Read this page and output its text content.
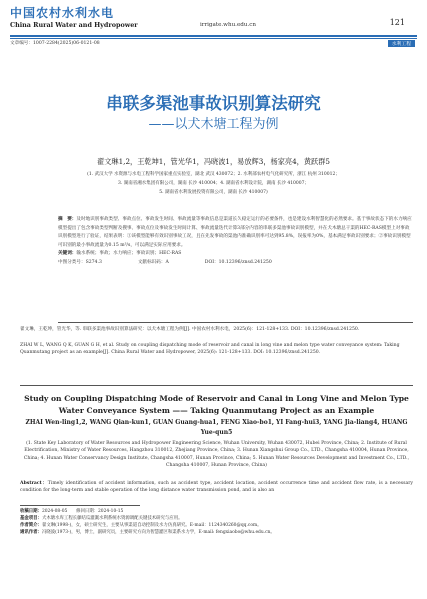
中国农村水利水电
China Rural Water and Hydropower	irrigate.whu.edu.cn	121
文章编号：1007-2284(2025)06-0121-08	水利工程
串联多渠池事故识别算法研究
——以犬木塘工程为例
翟文琳1,2，王乾坤1，管光华1，冯晓波1，易放辉3，杨家亮4，黄跃群5
(1. 武汉大学 水资源与水电工程科学国家重点实验室，湖北 武汉 430072；2. 水利部农村电气化研究所，浙江 杭州 310012；
3. 湖南省湘水集团有限公司，湖南 长沙 410004；4. 湖南省水利设计院，湖南 长沙 410007；
5. 湖南省水利发展投资有限公司，湖南 长沙 410007)
摘　要：及时地识别事故类型、事故点位、事故发生时间、事故流量等事故信息是渠道长久稳定运行的必要条件，也是建设水利智慧化的必然要求。基于事故状态下的水力响应模型提出了包含事故类型判断及搜事、事故点位及事故发生时间计算、事故流量迭代计算3部分内容的串联多渠池事故识别模型，并在犬木塘总干渠的HEC-RAS模型上对事故识别模型进行了验证，结果表明：①该模型能够有效识别事故工况，且在先发事故的渠池内准确识别率可达到95.8%，误报率为0%，基本满足事故识别要求；②事故识别模型可识别的最小事故流量为0.15 m³/s，可以满足实际应用要求。
关键词：输水系统；事故；水力响应；事故识别；HEC-RAS
中图分类号：S274.3	文献标识码：A	DOI：10.12396/znsd.241250
翟文琳，王乾坤，管光华，等. 串联多渠池事故识别算法研究：以犬木塘工程为例[J]. 中国农村水利水电，2025(6)：121-128+133. DOI：10.12396/znsd.241250.
ZHAI W L, WANG Q K, GUAN G H, et al. Study on coupling dispatching mode of reservoir and canal in long vine and melon type water conveyance system: Taking Quanmutang project as an example[J]. China Rural Water and Hydropower, 2025(6): 121-128+133. DOI: 10.12396/znsd.241250.
Study on Coupling Dispatching Mode of Reservoir and Canal in Long Vine and Melon Type Water Conveyance System —— Taking Quanmutang Project as an Example
ZHAI Wen-ling1,2, WANG Qian-kun1, GUAN Guang-hua1, FENG Xiao-bo1, YI Fang-hui3, YANG Jia-liang4, HUANG Yue-qun5
(1. State Key Laboratory of Water Resources and Hydropower Engineering Science, Wuhan University, Wuhan 430072, Hubei Province, China; 2. Institute of Rural Electrification, Ministry of Water Resources, Hangzhou 310012, Zhejiang Province, China; 3. Hunan Xiangshui Group Co., LTD., Changsha 410004, Hunan Province, China; 4. Hunan Water Conservancy Design Institute, Changsha 410007, Hunan Province, China; 5. Hunan Water Resources Development and Investment Co., LTD., Changsha 410007, Hunan Province, China)
Abstract：Timely identification of accident information, such as accident type, accident location, accident occurrence time and accident flow rate, is a necessary condition for the long-term and stable operation of the long distance water transmission pond, and is also an
收稿日期：2024-08-05　　修回日期：2024-10-15
基金项目：犬木塘水库工程长藤结瓜灌溉水利系统水资源调配关键技术研究与应用。
作者简介：翟文琳(1998-)，女，硕士研究生，主要从事渠道自动控制及水力仿真研究。E-mail：1124340260@qq.com。
通讯作者：冯晓波(1973-)，男，博士，副研究员，主要研究方向为智慧灌区和渠系水力学，E-mail: fengxiaobo@whu.edu.cn。
